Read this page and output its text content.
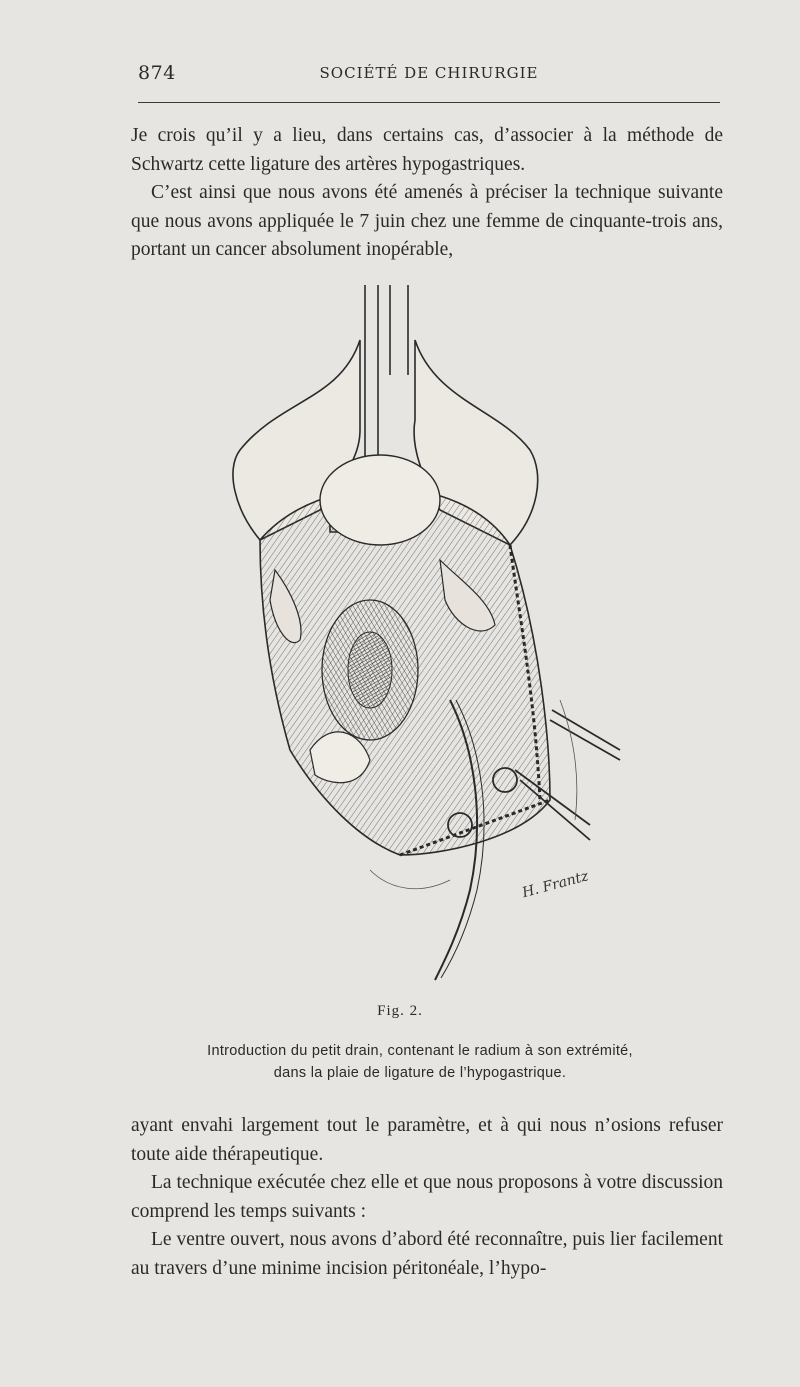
874	SOCIÉTÉ DE CHIRURGIE

Je crois qu’il y a lieu, dans certains cas, d’associer à la méthode de Schwartz cette ligature des artères hypogastriques.

C’est ainsi que nous avons été amenés à préciser la technique suivante que nous avons appliquée le 7 juin chez une femme de cinquante-trois ans, portant un cancer absolument inopérable,

H. Frantz
Fig. 2.

Introduction du petit drain, contenant le radium à son extrémité,

dans la plaie de ligature de l’hypogastrique.

ayant envahi largement tout le paramètre, et à qui nous n’osions refuser toute aide thérapeutique.

La technique exécutée chez elle et que nous proposons à votre discussion comprend les temps suivants :

Le ventre ouvert, nous avons d’abord été reconnaître, puis lier facilement au travers d’une minime incision péritonéale, l’hypo-
